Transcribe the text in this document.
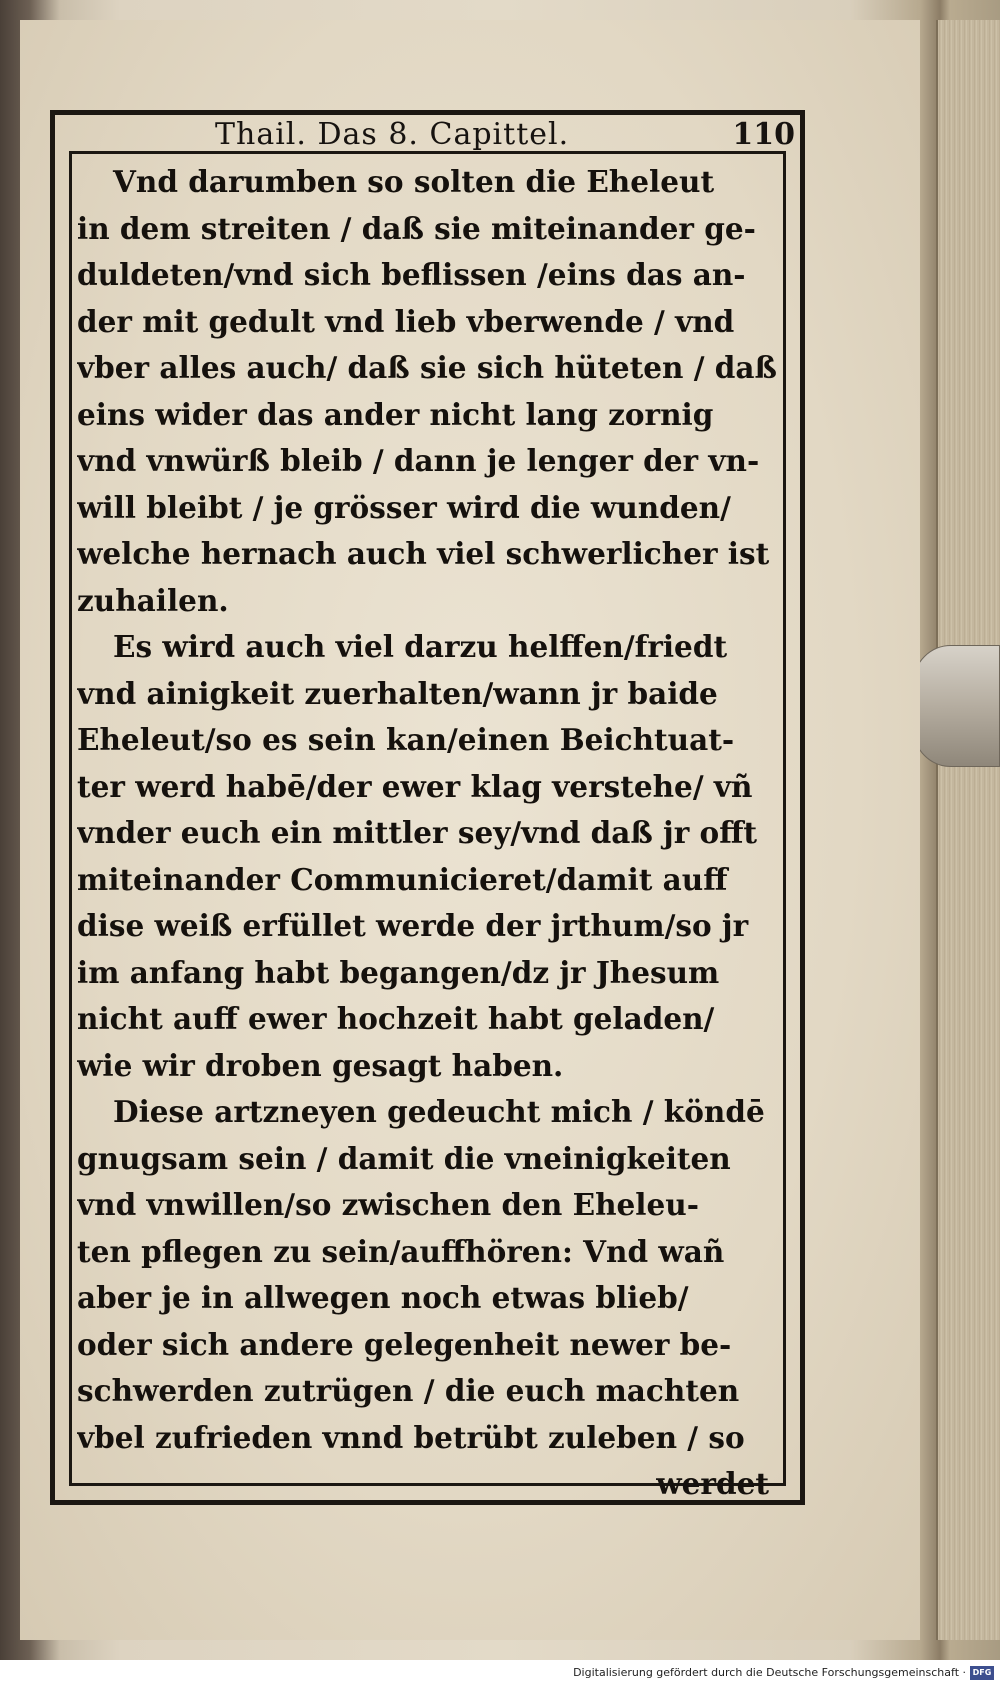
Thail. Das 8. Capittel.	110
Vnd darumben so solten die Eheleut
in dem streiten / daß sie miteinander ge-
duldeten/vnd sich beflissen /eins das an-
der mit gedult vnd lieb vberwende / vnd
vber alles auch/ daß sie sich hüteten / daß
eins wider das ander nicht lang zornig
vnd vnwürß bleib / dann je lenger der vn-
will bleibt / je grösser wird die wunden/
welche hernach auch viel schwerlicher ist
zuhailen.
Es wird auch viel darzu helffen/friedt
vnd ainigkeit zuerhalten/wann jr baide
Eheleut/so es sein kan/einen Beichtuat-
ter werd habē/der ewer klag verstehe/ vñ
vnder euch ein mittler sey/vnd daß jr offt
miteinander Communicieret/damit auff
dise weiß erfüllet werde der jrthum/so jr
im anfang habt begangen/dz jr Jhesum
nicht auff ewer hochzeit habt geladen/
wie wir droben gesagt haben.
Diese artzneyen gedeucht mich / köndē
gnugsam sein / damit die vneinigkeiten
vnd vnwillen/so zwischen den Eheleu-
ten pflegen zu sein/auffhören: Vnd wañ
aber je in allwegen noch etwas blieb/
oder sich andere gelegenheit newer be-
schwerden zutrügen / die euch machten
vbel zufrieden vnnd betrübt zuleben / so
werdet
Digitalisierung gefördert durch die Deutsche Forschungsgemeinschaft · DFG
